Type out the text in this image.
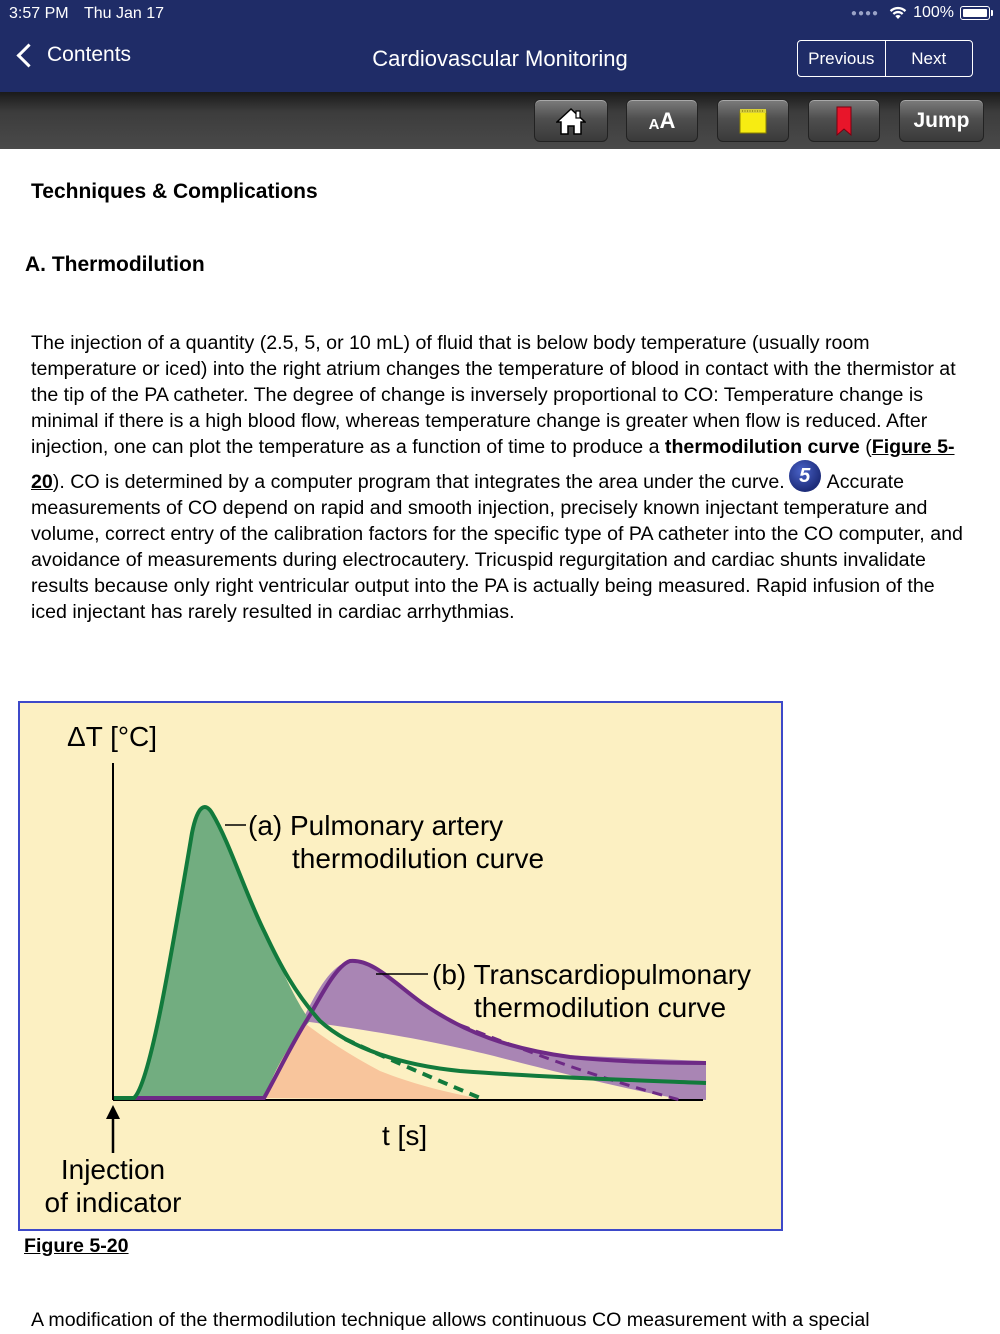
3:57 PM Thu Jan 17	●●●● 100%
Contents	Cardiovascular Monitoring	Previous	Next
A A	Jump
Techniques & Complications
A. Thermodilution
The injection of a quantity (2.5, 5, or 10 mL) of fluid that is below body temperature (usually room temperature or iced) into the right atrium changes the temperature of blood in contact with the thermistor at the tip of the PA catheter. The degree of change is inversely proportional to CO: Temperature change is minimal if there is a high blood flow, whereas temperature change is greater when flow is reduced. After injection, one can plot the temperature as a function of time to produce a thermodilution curve (Figure 5-20). CO is determined by a computer program that integrates the area under the curve. 5 Accurate measurements of CO depend on rapid and smooth injection, precisely known injectant temperature and volume, correct entry of the calibration factors for the specific type of PA catheter into the CO computer, and avoidance of measurements during electrocautery. Tricuspid regurgitation and cardiac shunts invalidate results because only right ventricular output into the PA is actually being measured. Rapid infusion of the iced injectant has rarely resulted in cardiac arrhythmias.
ΔT [°C]
t [s]
(a) Pulmonary artery
thermodilution curve
(b) Transcardiopulmonary
thermodilution curve
Injection
of indicator
Figure 5-20
A modification of the thermodilution technique allows continuous CO measurement with a special
